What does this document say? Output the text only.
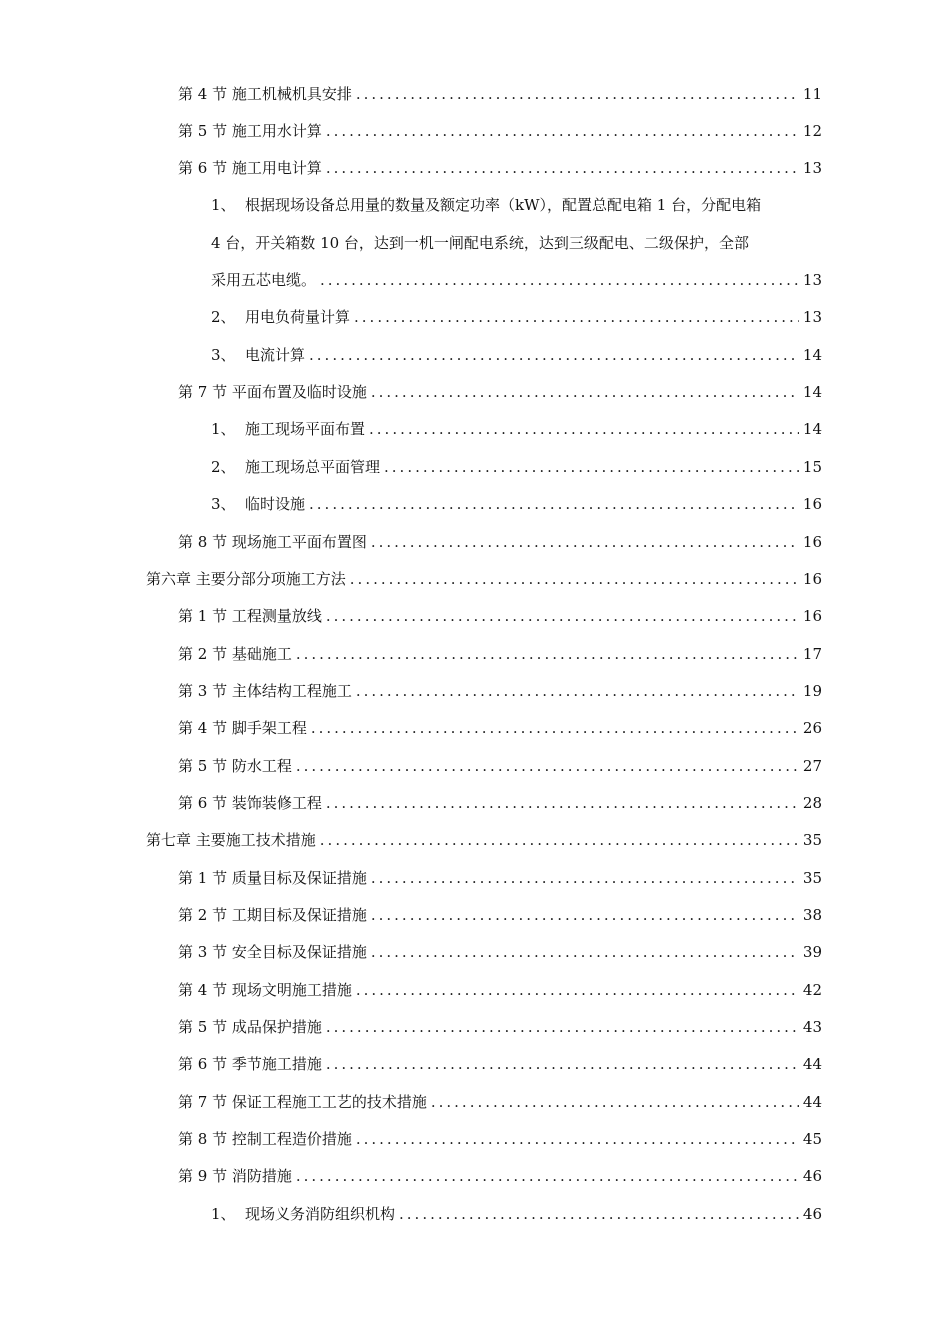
第 4 节 施工机械机具安排 .....	11
第 5 节 施工用水计算 .....	12
第 6 节 施工用电计算 .....	13
1、 根据现场设备总用量的数量及额定功率（kW），配置总配电箱 1 台，分配电箱
4 台，开关箱数 10 台，达到一机一闸配电系统，达到三级配电、二级保护，全部
采用五芯电缆。 .....	13
2、 用电负荷量计算 .....	13
3、 电流计算 .....	14
第 7 节 平面布置及临时设施 .....	14
1、 施工现场平面布置 .....	14
2、 施工现场总平面管理 .....	15
3、 临时设施 .....	16
第 8 节 现场施工平面布置图 .....	16
第六章 主要分部分项施工方法 .....	16
第 1 节 工程测量放线 .....	16
第 2 节 基础施工 .....	17
第 3 节 主体结构工程施工 .....	19
第 4 节 脚手架工程 .....	26
第 5 节 防水工程 .....	27
第 6 节 装饰装修工程 .....	28
第七章 主要施工技术措施 .....	35
第 1 节 质量目标及保证措施 .....	35
第 2 节 工期目标及保证措施 .....	38
第 3 节 安全目标及保证措施 .....	39
第 4 节 现场文明施工措施 .....	42
第 5 节 成品保护措施 .....	43
第 6 节 季节施工措施 .....	44
第 7 节 保证工程施工工艺的技术措施 .....	44
第 8 节 控制工程造价措施 .....	45
第 9 节 消防措施 .....	46
1、 现场义务消防组织机构 .....	46
